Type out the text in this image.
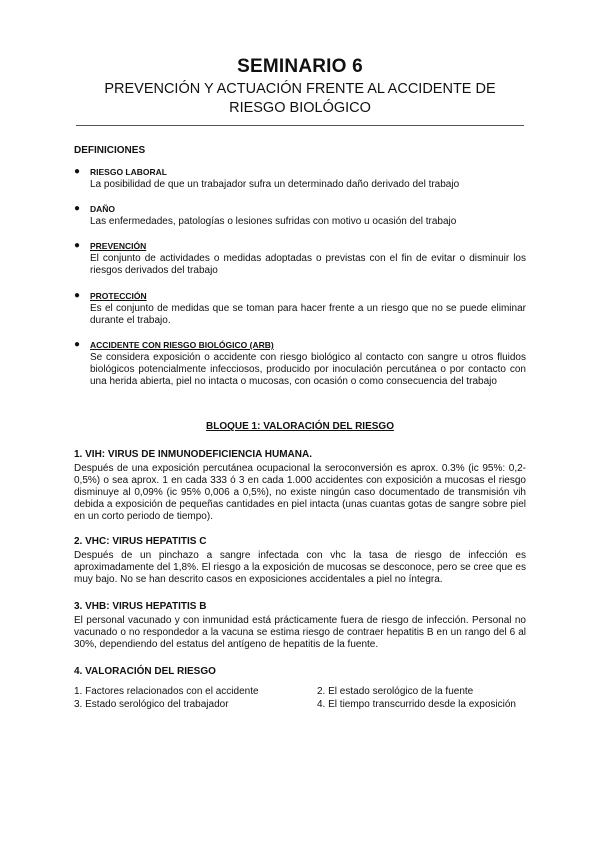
SEMINARIO 6
PREVENCIÓN Y ACTUACIÓN FRENTE AL ACCIDENTE DE
RIESGO BIOLÓGICO
DEFINICIONES
● RIESGO LABORAL
La posibilidad de que un trabajador sufra un determinado daño derivado del trabajo
● DAÑO
Las enfermedades, patologías o lesiones sufridas con motivo u ocasión del trabajo
● PREVENCIÓN
El conjunto de actividades o medidas adoptadas o previstas con el fin de evitar o disminuir los riesgos derivados del trabajo
● PROTECCIÓN
Es el conjunto de medidas que se toman para hacer frente a un riesgo que no se puede eliminar durante el trabajo.
● ACCIDENTE CON RIESGO BIOLÓGICO (ARB)
Se considera exposición o accidente con riesgo biológico al contacto con sangre u otros fluidos biológicos potencialmente infecciosos, producido por inoculación percutánea o por contacto con una herida abierta, piel no intacta o mucosas, con ocasión o como consecuencia del trabajo
BLOQUE 1: VALORACIÓN DEL RIESGO
1. VIH: VIRUS DE INMUNODEFICIENCIA HUMANA.
Después de una exposición percutánea ocupacional la seroconversión es aprox. 0.3% (ic 95%: 0,2-0,5%) o sea aprox. 1 en cada 333 ó 3 en cada 1.000 accidentes con exposición a mucosas el riesgo disminuye al 0,09% (ic 95% 0,006 a 0,5%), no existe ningún caso documentado de transmisión vih debida a exposición de pequeñas cantidades en piel intacta (unas cuantas gotas de sangre sobre piel en un corto periodo de tiempo).
2. VHC: VIRUS HEPATITIS C
Después de un pinchazo a sangre infectada con vhc la tasa de riesgo de infección es aproximadamente del 1,8%. El riesgo a la exposición de mucosas se desconoce, pero se cree que es muy bajo. No se han descrito casos en exposiciones accidentales a piel no íntegra.
3. VHB: VIRUS HEPATITIS B
El personal vacunado y con inmunidad está prácticamente fuera de riesgo de infección. Personal no vacunado o no respondedor a la vacuna se estima riesgo de contraer hepatitis B en un rango del 6 al 30%, dependiendo del estatus del antígeno de hepatitis de la fuente.
4. VALORACIÓN DEL RIESGO
1. Factores relacionados con el accidente	2. El estado serológico de la fuente
3. Estado serológico del trabajador	4. El tiempo transcurrido desde la exposición
